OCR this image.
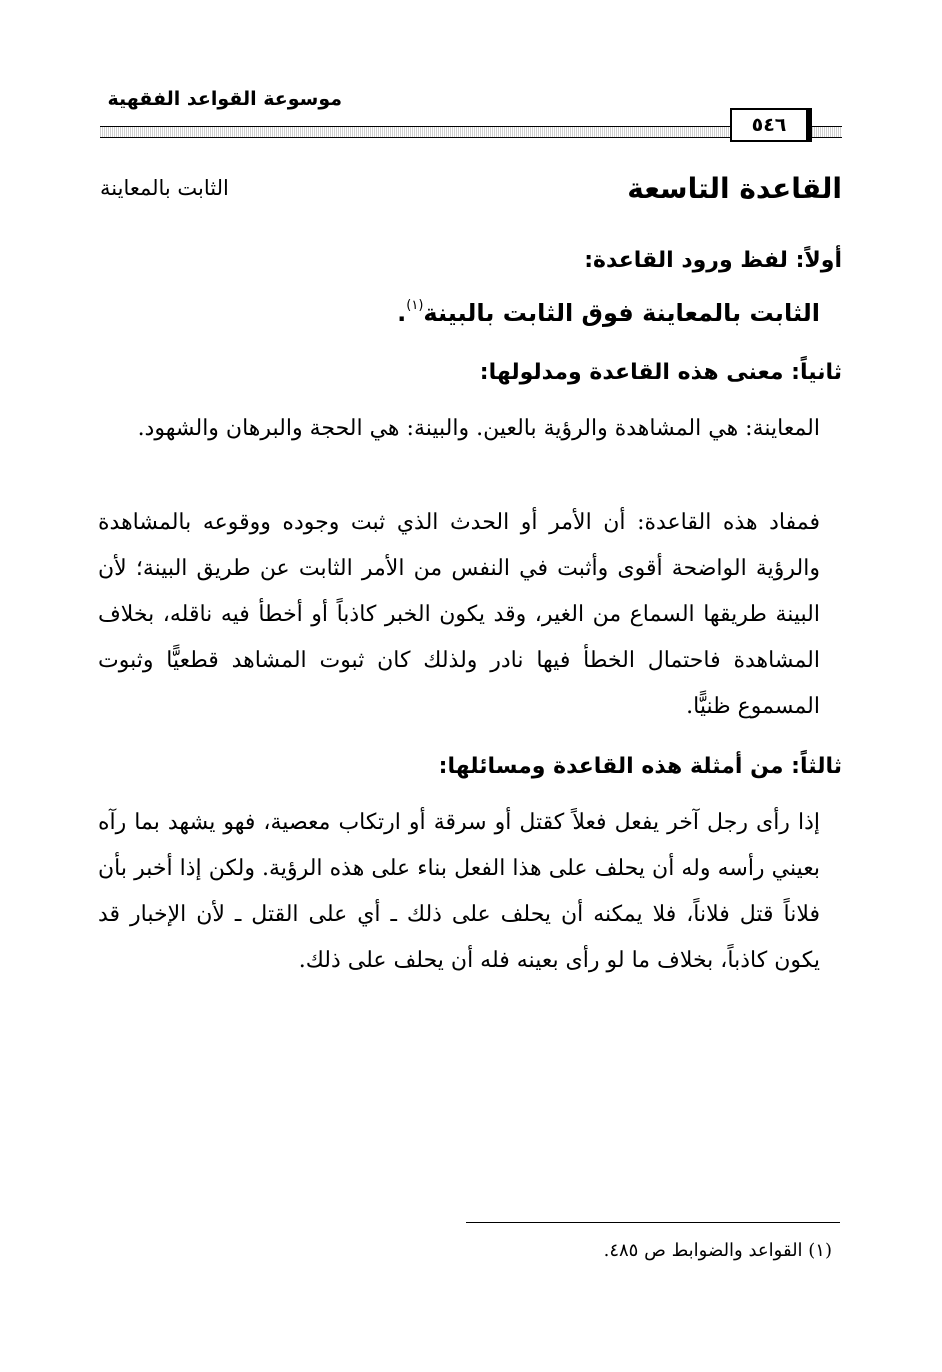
موسوعة القواعد الفقهية
٥٤٦
القاعدة التاسعة
الثابت بالمعاينة
أولاً: لفظ ورود القاعدة:
الثابت بالمعاينة فوق الثابت بالبينة$^{(١)}$.
ثانياً: معنى هذه القاعدة ومدلولها:
المعاينة: هي المشاهدة والرؤية بالعين. والبينة: هي الحجة والبرهان والشهود.
فمفاد هذه القاعدة: أن الأمر أو الحدث الذي ثبت وجوده ووقوعه بالمشاهدة والرؤية الواضحة أقوى وأثبت في النفس من الأمر الثابت عن طريق البينة؛ لأن البينة طريقها السماع من الغير، وقد يكون الخبر كاذباً أو أخطأ فيه ناقله، بخلاف المشاهدة فاحتمال الخطأ فيها نادر ولذلك كان ثبوت المشاهد قطعيًّا وثبوت المسموع ظنيًّا.
ثالثاً: من أمثلة هذه القاعدة ومسائلها:
إذا رأى رجل آخر يفعل فعلاً كقتل أو سرقة أو ارتكاب معصية، فهو يشهد بما رآه بعيني رأسه وله أن يحلف على هذا الفعل بناء على هذه الرؤية. ولكن إذا أخبر بأن فلاناً قتل فلاناً، فلا يمكنه أن يحلف على ذلك ـ أي على القتل ـ لأن الإخبار قد يكون كاذباً، بخلاف ما لو رأى بعينه فله أن يحلف على ذلك.
(١) القواعد والضوابط ص ٤٨٥.
